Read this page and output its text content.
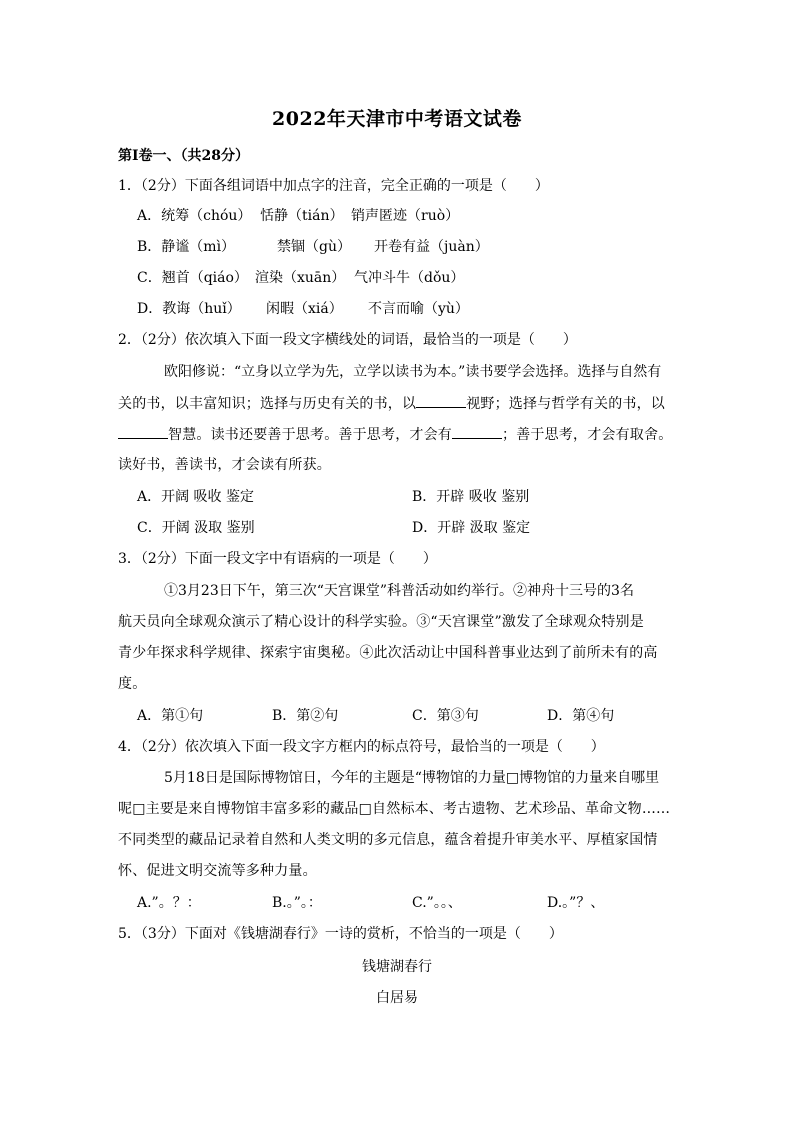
2022年天津市中考语文试卷
第Ⅰ卷一、（共28分）
1．（2分）下面各组词语中加点字的注音，完全正确的一项是（　　）
A．统筹（chóu） 恬静（tián） 销声匿迹（ruò）
B．静谧（mì）	禁锢（gù） 开卷有益（juàn）
C．翘首（qiáo） 渲染（xuān） 气冲斗牛（dǒu）
D．教诲（huǐ） 闲暇（xiá） 不言而喻（yù）
2．（2分）依次填入下面一段文字横线处的词语，最恰当的一项是（　　）
欧阳修说：“立身以立学为先，立学以读书为本。”读书要学会选择。选择与自然有
关的书，以丰富知识；选择与历史有关的书，以	视野；选择与哲学有关的书，以
智慧。读书还要善于思考。善于思考，才会有	；善于思考，才会有取舍。
读好书，善读书，才会读有所获。
A．开阔 吸收 鉴定	B．开辟 吸收 鉴别
C．开阔 汲取 鉴别	D．开辟 汲取 鉴定
3．（2分）下面一段文字中有语病的一项是（　　）
①3月23日下午，第三次“天宫课堂”科普活动如约举行。②神舟十三号的3名
航天员向全球观众演示了精心设计的科学实验。③“天宫课堂”激发了全球观众特别是
青少年探求科学规律、探索宇宙奥秘。④此次活动让中国科普事业达到了前所未有的高
度。
A．第①句	B．第②句	C．第③句	D．第④句
4．（2分）依次填入下面一段文字方框内的标点符号，最恰当的一项是（　　）
5月18日是国际博物馆日，今年的主题是“博物馆的力量□博物馆的力量来自哪里
呢□主要是来自博物馆丰富多彩的藏品□自然标本、考古遗物、艺术珍品、革命文物……
不同类型的藏品记录着自然和人类文明的多元信息，蕴含着提升审美水平、厚植家国情
怀、促进文明交流等多种力量。
A.”。？：	B.。”。：	C.”。。、	D.。”？、
5．（3分）下面对《钱塘湖春行》一诗的赏析，不恰当的一项是（　　）
钱塘湖春行
白居易
